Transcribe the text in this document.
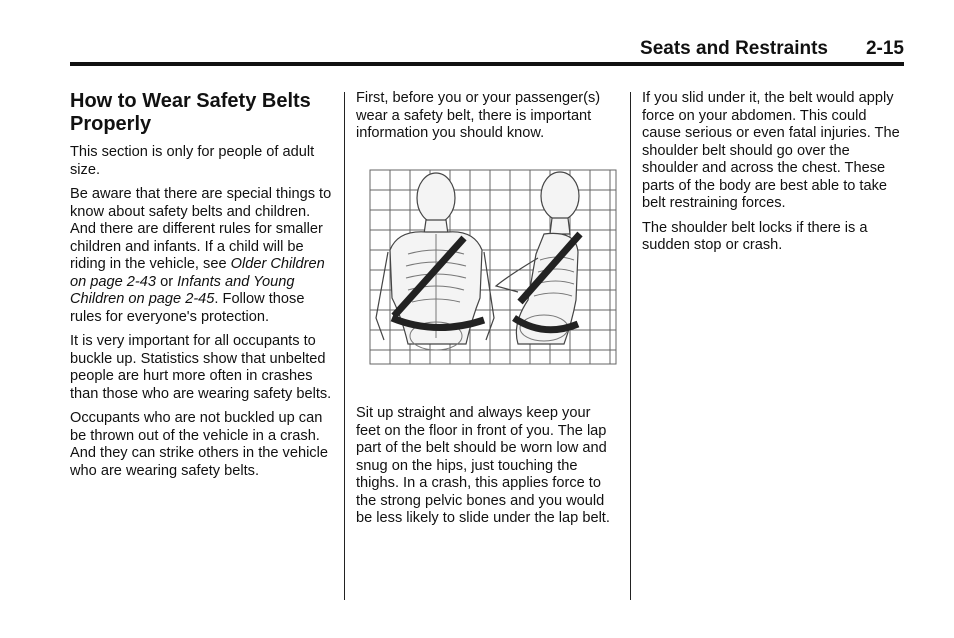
Seats and Restraints 2-15
How to Wear Safety Belts Properly

This section is only for people of adult size.

Be aware that there are special things to know about safety belts and children. And there are different rules for smaller children and infants. If a child will be riding in the vehicle, see Older Children on page 2-43 or Infants and Young Children on page 2-45. Follow those rules for everyone's protection.

It is very important for all occupants to buckle up. Statistics show that unbelted people are hurt more often in crashes than those who are wearing safety belts.

Occupants who are not buckled up can be thrown out of the vehicle in a crash. And they can strike others in the vehicle who are wearing safety belts.

First, before you or your passenger(s) wear a safety belt, there is important information you should know.

Sit up straight and always keep your feet on the floor in front of you. The lap part of the belt should be worn low and snug on the hips, just touching the thighs. In a crash, this applies force to the strong pelvic bones and you would be less likely to slide under the lap belt.

If you slid under it, the belt would apply force on your abdomen. This could cause serious or even fatal injuries. The shoulder belt should go over the shoulder and across the chest. These parts of the body are best able to take belt restraining forces.

The shoulder belt locks if there is a sudden stop or crash.
